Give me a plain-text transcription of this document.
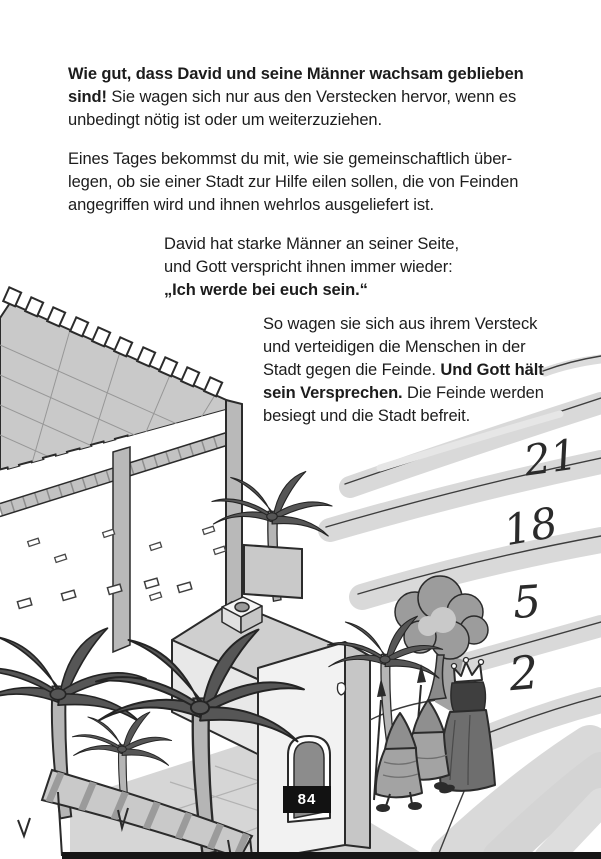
Wie gut, dass David und seine Männer wachsam geblieben
sind! Sie wagen sich nur aus den Verstecken hervor, wenn es
unbedingt nötig ist oder um weiterzuziehen.
Eines Tages bekommst du mit, wie sie gemeinschaftlich über-
legen, ob sie einer Stadt zur Hilfe eilen sollen, die von Feinden
angegriffen wird und ihnen wehrlos ausgeliefert ist.
David hat starke Männer an seiner Seite,
und Gott verspricht ihnen immer wieder:
„Ich werde bei euch sein.“
So wagen sie sich aus ihrem Versteck
und verteidigen die Menschen in der
Stadt gegen die Feinde. Und Gott hält
sein Versprechen. Die Feinde werden
besiegt und die Stadt befreit.
21
18
5
2
84
